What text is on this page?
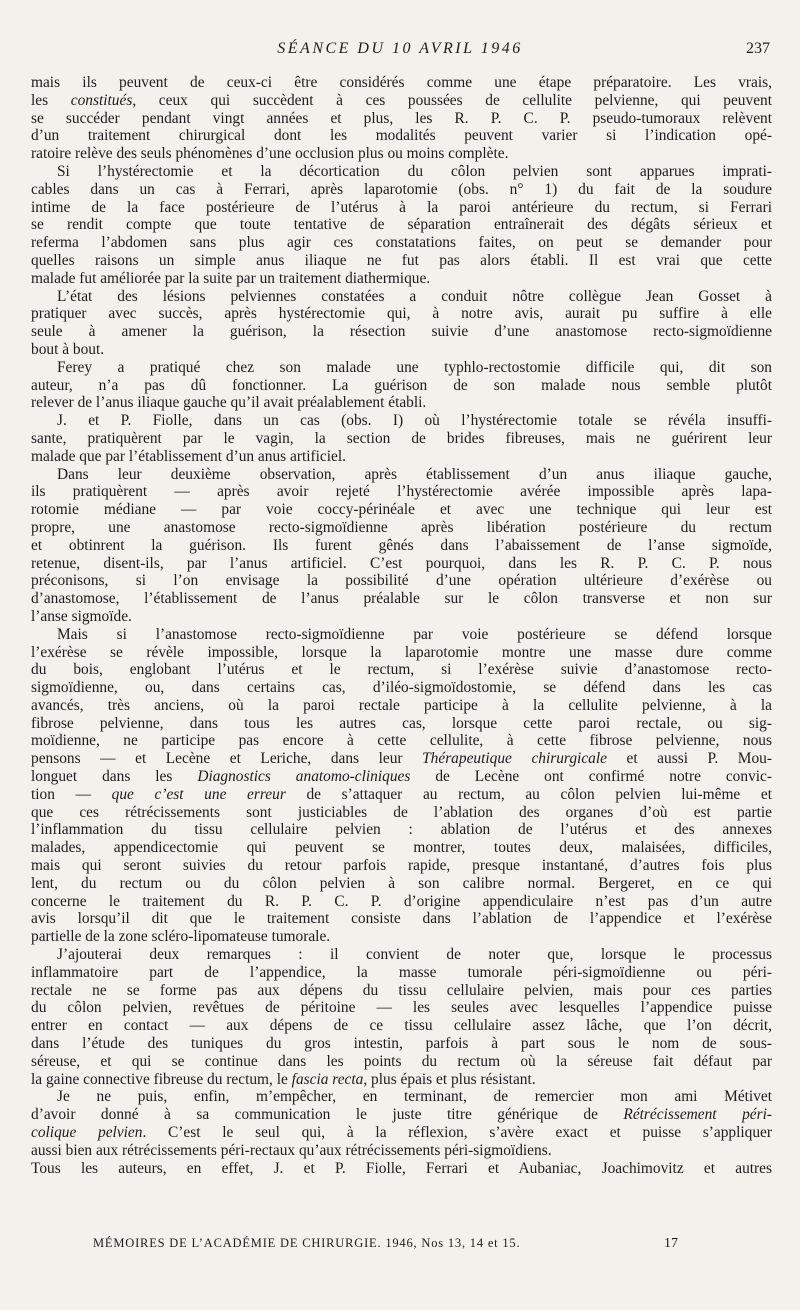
SÉANCE DU 10 AVRIL 1946	237
mais ils peuvent de ceux-ci être considérés comme une étape préparatoire. Les vrais,
les constitués, ceux qui succèdent à ces poussées de cellulite pelvienne, qui peuvent
se succéder pendant vingt années et plus, les R. P. C. P. pseudo-tumoraux relèvent
d’un traitement chirurgical dont les modalités peuvent varier si l’indication opé-
ratoire relève des seuls phénomènes d’une occlusion plus ou moins complète.
Si l’hystérectomie et la décortication du côlon pelvien sont apparues imprati-
cables dans un cas à Ferrari, après laparotomie (obs. n° 1) du fait de la soudure
intime de la face postérieure de l’utérus à la paroi antérieure du rectum, si Ferrari
se rendit compte que toute tentative de séparation entraînerait des dégâts sérieux et
referma l’abdomen sans plus agir ces constatations faites, on peut se demander pour
quelles raisons un simple anus iliaque ne fut pas alors établi. Il est vrai que cette
malade fut améliorée par la suite par un traitement diathermique.
L’état des lésions pelviennes constatées a conduit nôtre collègue Jean Gosset à
pratiquer avec succès, après hystérectomie qui, à notre avis, aurait pu suffire à elle
seule à amener la guérison, la résection suivie d’une anastomose recto-sigmoïdienne
bout à bout.
Ferey a pratiqué chez son malade une typhlo-rectostomie difficile qui, dit son
auteur, n’a pas dû fonctionner. La guérison de son malade nous semble plutôt
relever de l’anus iliaque gauche qu’il avait préalablement établi.
J. et P. Fiolle, dans un cas (obs. I) où l’hystérectomie totale se révéla insuffi-
sante, pratiquèrent par le vagin, la section de brides fibreuses, mais ne guérirent leur
malade que par l’établissement d’un anus artificiel.
Dans leur deuxième observation, après établissement d’un anus iliaque gauche,
ils pratiquèrent — après avoir rejeté l’hystérectomie avérée impossible après lapa-
rotomie médiane — par voie coccy-périnéale et avec une technique qui leur est
propre, une anastomose recto-sigmoïdienne après libération postérieure du rectum
et obtinrent la guérison. Ils furent gênés dans l’abaissement de l’anse sigmoïde,
retenue, disent-ils, par l’anus artificiel. C’est pourquoi, dans les R. P. C. P. nous
préconisons, si l’on envisage la possibilité d’une opération ultérieure d’exérèse ou
d’anastomose, l’établissement de l’anus préalable sur le côlon transverse et non sur
l’anse sigmoïde.
Mais si l’anastomose recto-sigmoïdienne par voie postérieure se défend lorsque
l’exérèse se révèle impossible, lorsque la laparotomie montre une masse dure comme
du bois, englobant l’utérus et le rectum, si l’exérèse suivie d’anastomose recto-
sigmoïdienne, ou, dans certains cas, d’iléo-sigmoïdostomie, se défend dans les cas
avancés, très anciens, où la paroi rectale participe à la cellulite pelvienne, à la
fibrose pelvienne, dans tous les autres cas, lorsque cette paroi rectale, ou sig-
moïdienne, ne participe pas encore à cette cellulite, à cette fibrose pelvienne, nous
pensons — et Lecène et Leriche, dans leur Thérapeutique chirurgicale et aussi P. Mou-
longuet dans les Diagnostics anatomo-cliniques de Lecène ont confirmé notre convic-
tion — que c’est une erreur de s’attaquer au rectum, au côlon pelvien lui-même et
que ces rétrécissements sont justiciables de l’ablation des organes d’où est partie
l’inflammation du tissu cellulaire pelvien : ablation de l’utérus et des annexes
malades, appendicectomie qui peuvent se montrer, toutes deux, malaisées, difficiles,
mais qui seront suivies du retour parfois rapide, presque instantané, d’autres fois plus
lent, du rectum ou du côlon pelvien à son calibre normal. Bergeret, en ce qui
concerne le traitement du R. P. C. P. d’origine appendiculaire n’est pas d’un autre
avis lorsqu’il dit que le traitement consiste dans l’ablation de l’appendice et l’exérèse
partielle de la zone scléro-lipomateuse tumorale.
J’ajouterai deux remarques : il convient de noter que, lorsque le processus
inflammatoire part de l’appendice, la masse tumorale péri-sigmoïdienne ou péri-
rectale ne se forme pas aux dépens du tissu cellulaire pelvien, mais pour ces parties
du côlon pelvien, revêtues de péritoine — les seules avec lesquelles l’appendice puisse
entrer en contact — aux dépens de ce tissu cellulaire assez lâche, que l’on décrit,
dans l’étude des tuniques du gros intestin, parfois à part sous le nom de sous-
séreuse, et qui se continue dans les points du rectum où la séreuse fait défaut par
la gaine connective fibreuse du rectum, le fascia recta, plus épais et plus résistant.
Je ne puis, enfin, m’empêcher, en terminant, de remercier mon ami Métivet
d’avoir donné à sa communication le juste titre générique de Rétrécissement péri-
colique pelvien. C’est le seul qui, à la réflexion, s’avère exact et puisse s’appliquer
aussi bien aux rétrécissements péri-rectaux qu’aux rétrécissements péri-sigmoïdiens.
Tous les auteurs, en effet, J. et P. Fiolle, Ferrari et Aubaniac, Joachimovitz et autres
MÉMOIRES DE L’ACADÉMIE DE CHIRURGIE. 1946, Nos 13, 14 et 15.	17
